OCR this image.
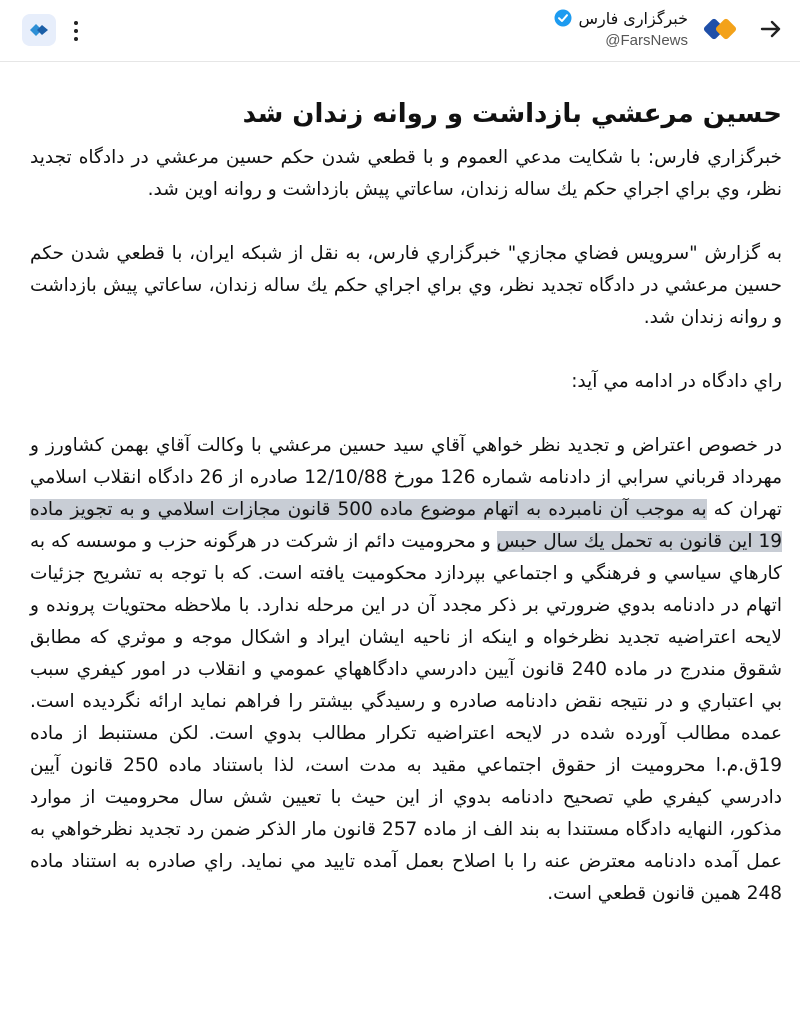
خبرگزاری فارس
@FarsNews
حسين مرعشي بازداشت و روانه زندان شد

خبرگزاري فارس: با شكايت مدعي العموم و با قطعي شدن حكم حسين مرعشي در دادگاه تجديد نظر، وي براي اجراي حكم يك ساله زندان، ساعاتي پيش بازداشت و روانه اوين شد.

به گزارش "سرويس فضاي مجازي" خبرگزاري فارس، به نقل از شبكه ايران، با قطعي شدن حكم حسين مرعشي در دادگاه تجديد نظر، وي براي اجراي حكم يك ساله زندان، ساعاتي پيش بازداشت و روانه زندان شد.

راي دادگاه در ادامه مي آيد:

در خصوص اعتراض و تجديد نظر خواهي آقاي سيد حسين مرعشي با وكالت آقاي بهمن كشاورز و مهرداد قرباني سرابي از دادنامه شماره 126 مورخ 12/10/88 صادره از 26 دادگاه انقلاب اسلامي تهران كه به موجب آن نامبرده به اتهام موضوع ماده 500 قانون مجازات اسلامي و به تجويز ماده 19 اين قانون به تحمل يك سال حبس و محروميت دائم از شركت در هرگونه حزب و موسسه كه به كارهاي سياسي و فرهنگي و اجتماعي بپردازد محكوميت يافته است. كه با توجه به تشريح جزئيات اتهام در دادنامه بدوي ضرورتي بر ذكر مجدد آن در اين مرحله ندارد. با ملاحظه محتويات پرونده و لايحه اعتراضيه تجديد نظرخواه و اينكه از ناحيه ايشان ايراد و اشكال موجه و موثري كه مطابق شقوق مندرج در ماده 240 قانون آيين دادرسي دادگاههاي عمومي و انقلاب در امور كيفري سبب بي اعتباري و در نتيجه نقض دادنامه صادره و رسيدگي بيشتر را فراهم نمايد ارائه نگرديده است. عمده مطالب آورده شده در لايحه اعتراضيه تكرار مطالب بدوي است. لكن مستنبط از ماده 19ق.م.ا محروميت از حقوق اجتماعي مقيد به مدت است، لذا باستناد ماده 250 قانون آيين دادرسي كيفري طي تصحيح دادنامه بدوي از اين حيث با تعيين شش سال محروميت از موارد مذكور، النهايه دادگاه مستندا به بند الف از ماده 257 قانون مار الذكر ضمن رد تجديد نظرخواهي به عمل آمده دادنامه معترض عنه را با اصلاح بعمل آمده تاييد مي نمايد. راي صادره به استناد ماده 248 همين قانون قطعي است.
